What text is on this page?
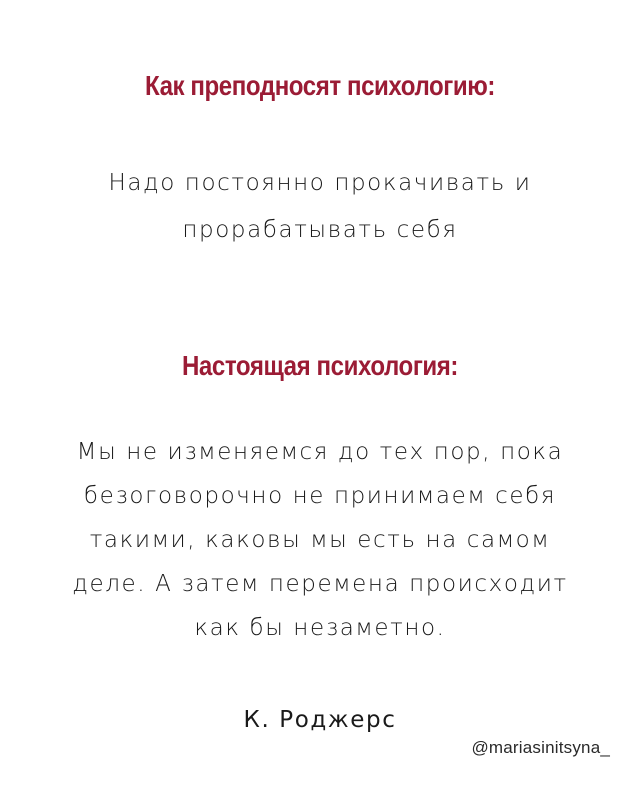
Как преподносят психологию:

Надо постоянно прокачивать и
прорабатывать себя

Настоящая психология:

Мы не изменяемся до тех пор, пока
безоговорочно не принимаем себя
такими, каковы мы есть на самом
деле. А затем перемена происходит
как бы незаметно.

К. Роджерс

@mariasinitsyna_
